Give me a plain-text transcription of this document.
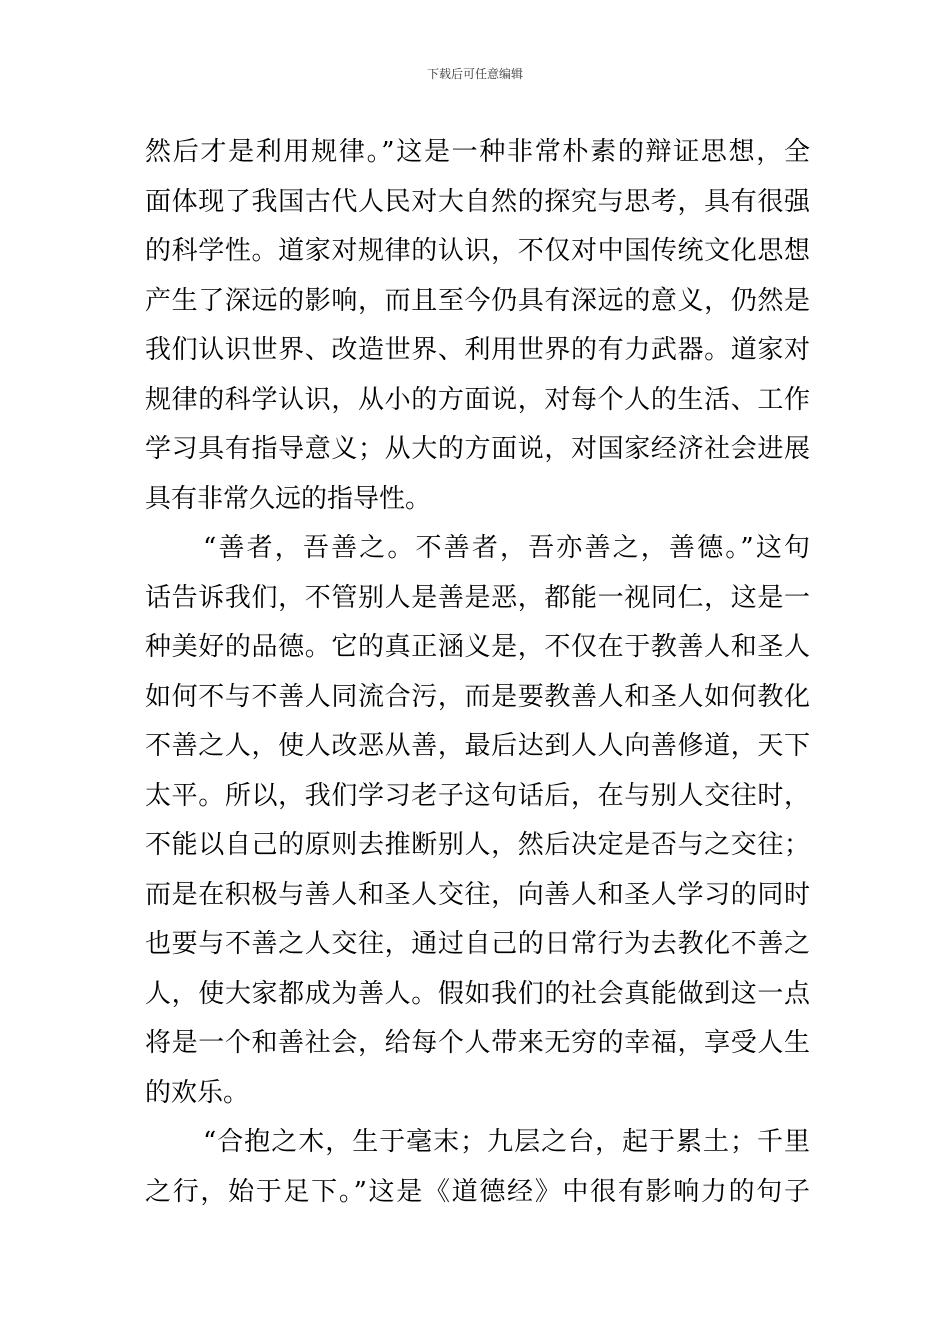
下载后可任意编辑
然后才是利用规律。”这是一种非常朴素的辩证思想，全
面体现了我国古代人民对大自然的探究与思考，具有很强
的科学性。道家对规律的认识，不仅对中国传统文化思想
产生了深远的影响，而且至今仍具有深远的意义，仍然是
我们认识世界、改造世界、利用世界的有力武器。道家对
规律的科学认识，从小的方面说，对每个人的生活、工作
学习具有指导意义；从大的方面说，对国家经济社会进展
具有非常久远的指导性。
“善者，吾善之。不善者，吾亦善之，善德。”这句
话告诉我们，不管别人是善是恶，都能一视同仁，这是一
种美好的品德。它的真正涵义是，不仅在于教善人和圣人
如何不与不善人同流合污，而是要教善人和圣人如何教化
不善之人，使人改恶从善，最后达到人人向善修道，天下
太平。所以，我们学习老子这句话后，在与别人交往时，
不能以自己的原则去推断别人，然后决定是否与之交往；
而是在积极与善人和圣人交往，向善人和圣人学习的同时
也要与不善之人交往，通过自己的日常行为去教化不善之
人，使大家都成为善人。假如我们的社会真能做到这一点
将是一个和善社会，给每个人带来无穷的幸福，享受人生
的欢乐。
“合抱之木，生于毫末；九层之台，起于累土；千里
之行，始于足下。”这是《道德经》中很有影响力的句子
